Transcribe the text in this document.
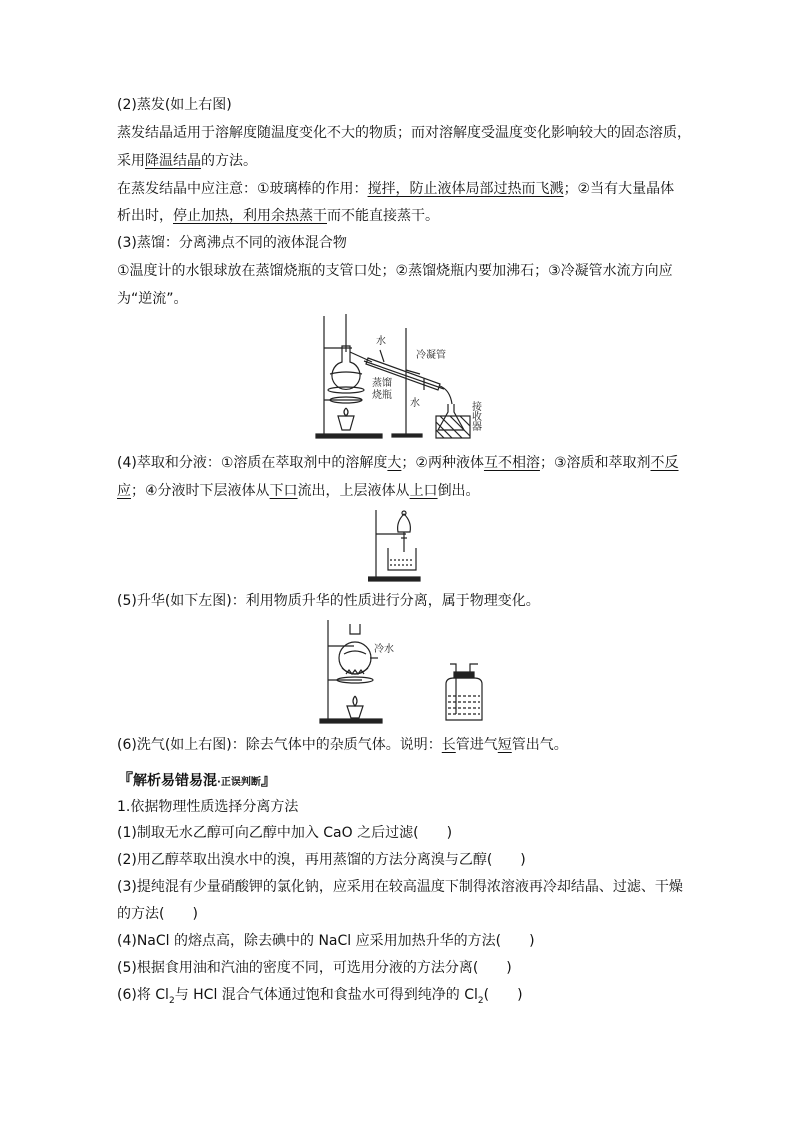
(2)蒸发(如上右图)
蒸发结晶适用于溶解度随温度变化不大的物质；而对溶解度受温度变化影响较大的固态溶质，
采用降温结晶的方法。
在蒸发结晶中应注意：①玻璃棒的作用：搅拌，防止液体局部过热而飞溅；②当有大量晶体
析出时，停止加热，利用余热蒸干而不能直接蒸干。
(3)蒸馏：分离沸点不同的液体混合物
①温度计的水银球放在蒸馏烧瓶的支管口处；②蒸馏烧瓶内要加沸石；③冷凝管水流方向应
为“逆流”。
水
冷凝管
蒸馏
烧瓶
水	接
收
器
(4)萃取和分液：①溶质在萃取剂中的溶解度大；②两种液体互不相溶；③溶质和萃取剂不反
应；④分液时下层液体从下口流出，上层液体从上口倒出。
(5)升华(如下左图)：利用物质升华的性质进行分离，属于物理变化。
冷水
(6)洗气(如上右图)：除去气体中的杂质气体。说明：长管进气短管出气。
『解析易错易混·正误判断』
1.依据物理性质选择分离方法
(1)制取无水乙醇可向乙醇中加入 CaO 之后过滤(　　)
(2)用乙醇萃取出溴水中的溴，再用蒸馏的方法分离溴与乙醇(　　)
(3)提纯混有少量硝酸钾的氯化钠，应采用在较高温度下制得浓溶液再冷却结晶、过滤、干燥
的方法(　　)
(4)NaCl 的熔点高，除去碘中的 NaCl 应采用加热升华的方法(　　)
(5)根据食用油和汽油的密度不同，可选用分液的方法分离(　　)
(6)将 $Cl_2$与 HCl 混合气体通过饱和食盐水可得到纯净的 $Cl_2$(　　)
